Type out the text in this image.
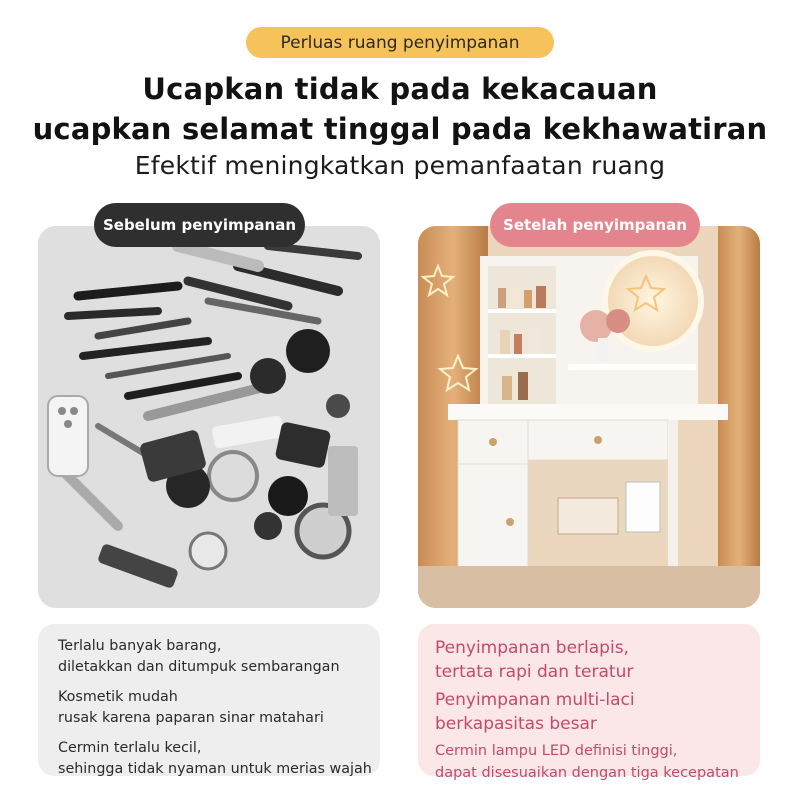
Perluas ruang penyimpanan
Ucapkan tidak pada kekacauan
ucapkan selamat tinggal pada kekhawatiran
Efektif meningkatkan pemanfaatan ruang
Sebelum penyimpanan	Setelah penyimpanan
Terlalu banyak barang,
diletakkan dan ditumpuk sembarangan
Kosmetik mudah
rusak karena paparan sinar matahari
Cermin terlalu kecil,
sehingga tidak nyaman untuk merias wajah
Penyimpanan berlapis,
tertata rapi dan teratur
Penyimpanan multi-laci
berkapasitas besar
Cermin lampu LED definisi tinggi,
dapat disesuaikan dengan tiga kecepatan
